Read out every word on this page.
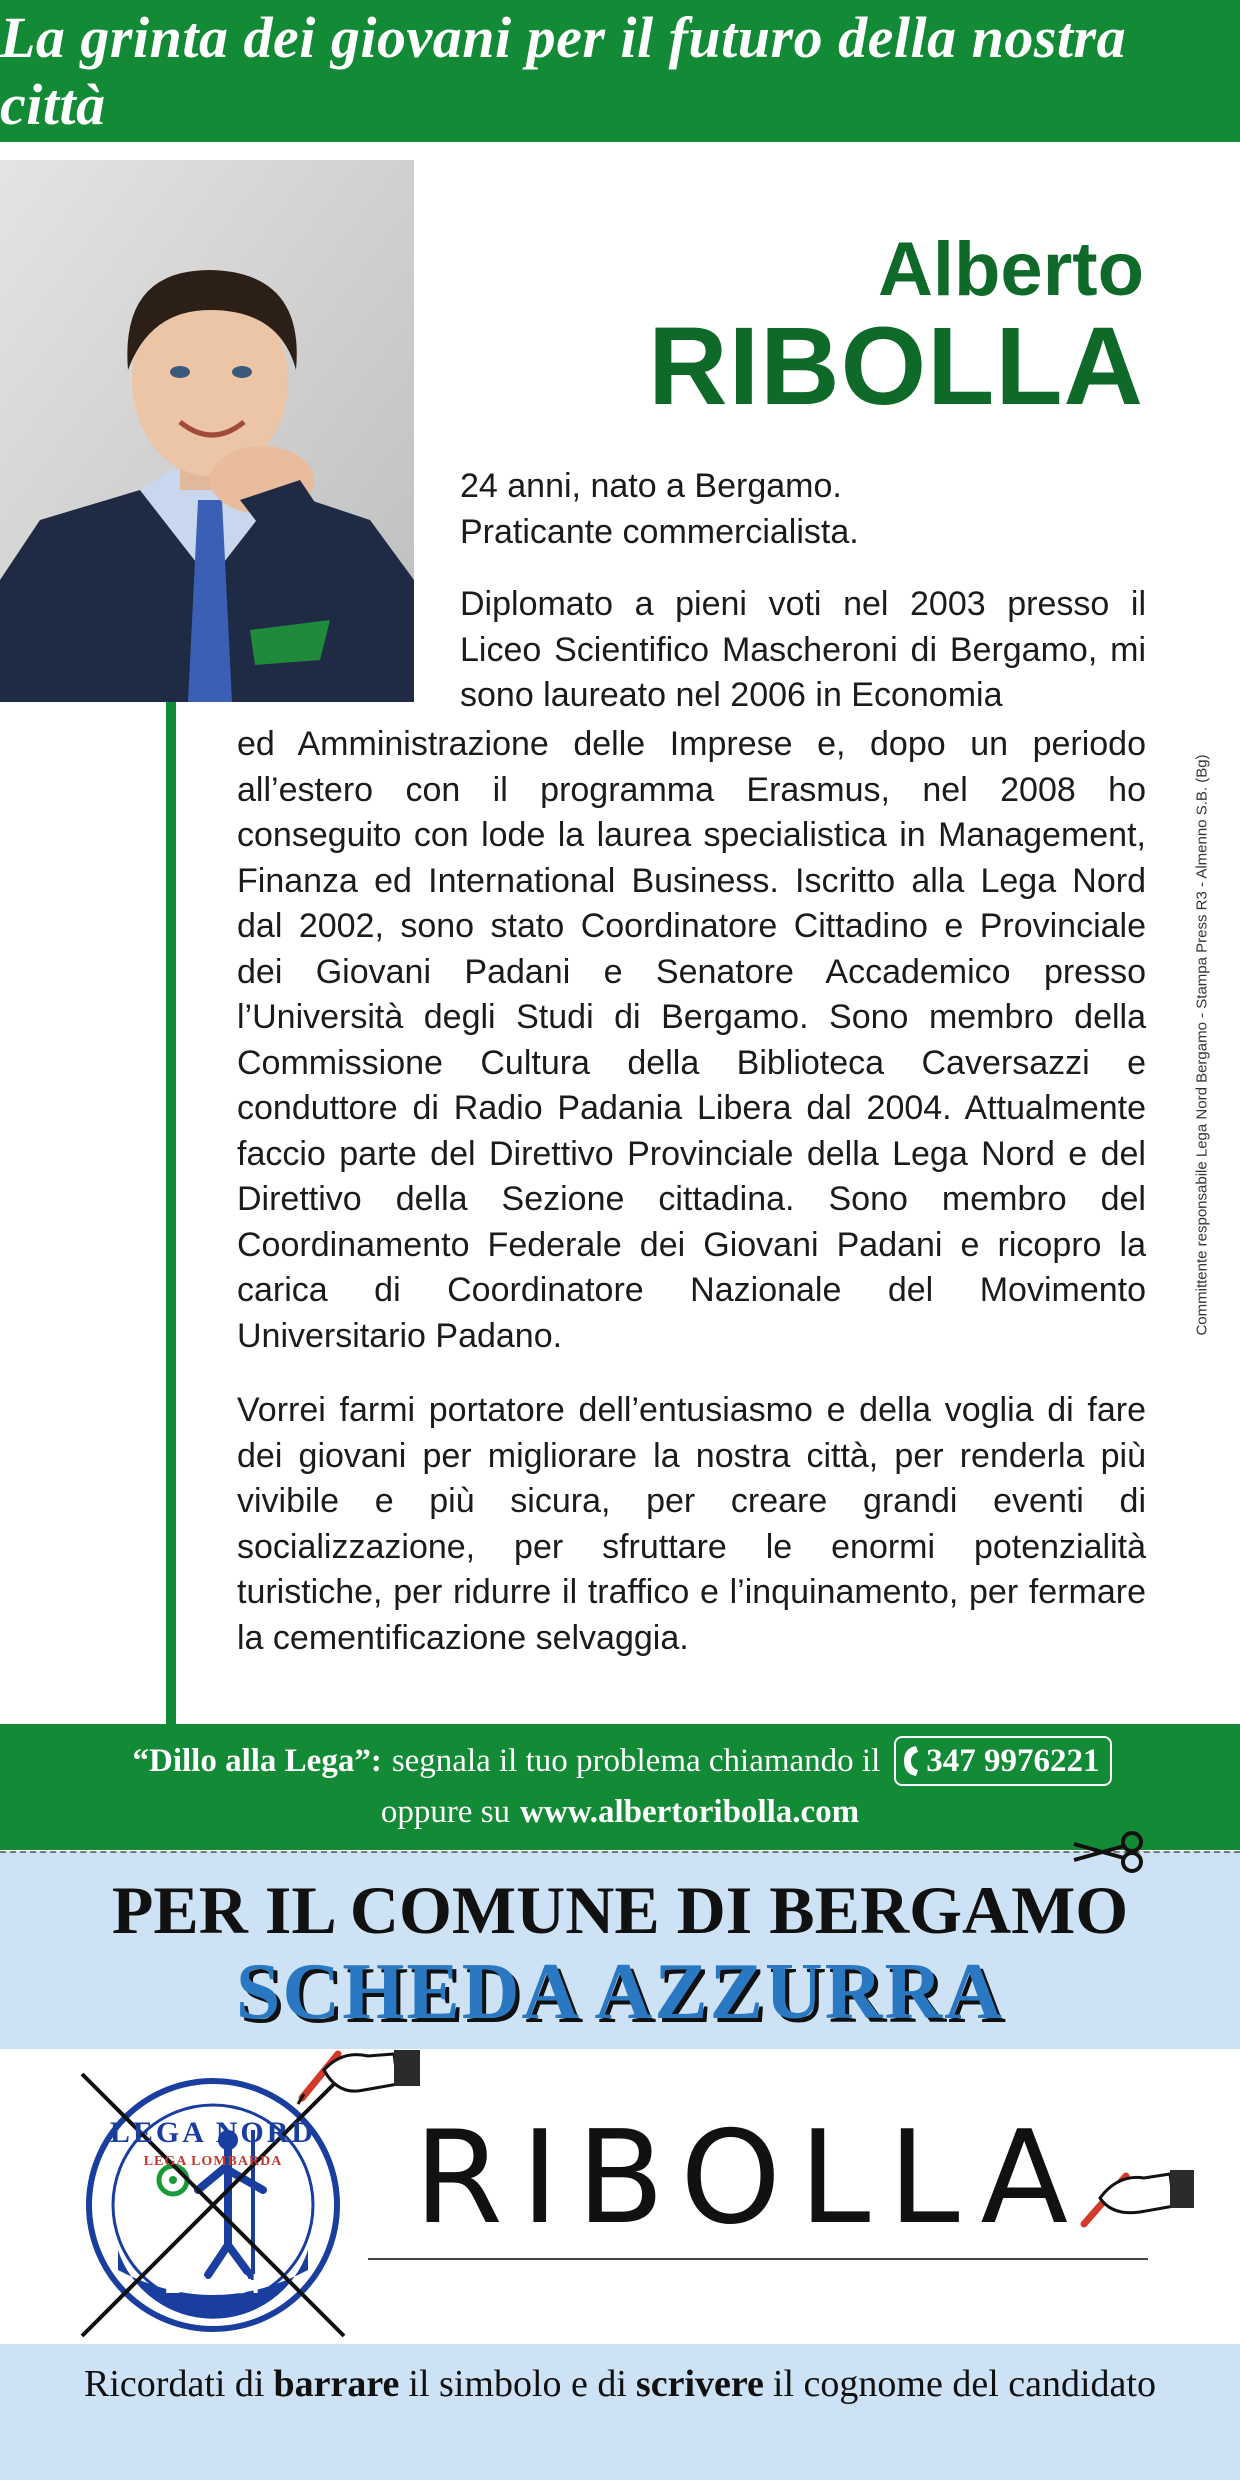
La grinta dei giovani per il futuro della nostra città
Alberto
RIBOLLA
24 anni, nato a Bergamo.
Praticante commercialista.
Diplomato a pieni voti nel 2003 presso il Liceo Scientifico Mascheroni di Bergamo, mi sono laureato nel 2006 in Economia
ed Amministrazione delle Imprese e, dopo un periodo all’estero con il programma Erasmus, nel 2008 ho conseguito con lode la laurea specialistica in Management, Finanza ed International Business. Iscritto alla Lega Nord dal 2002, sono stato Coordinatore Cittadino e Provinciale dei Giovani Padani e Senatore Accademico presso l’Università degli Studi di Bergamo. Sono membro della Commissione Cultura della Biblioteca Caversazzi e conduttore di Radio Padania Libera dal 2004. Attualmente faccio parte del Direttivo Provinciale della Lega Nord e del Direttivo della Sezione cittadina. Sono membro del Coordinamento Federale dei Giovani Padani e ricopro la carica di Coordinatore Nazionale del Movimento Universitario Padano.
Vorrei farmi portatore dell’entusiasmo e della voglia di fare dei giovani per migliorare la nostra città, per renderla più vivibile e più sicura, per creare grandi eventi di socializzazione, per sfruttare le enormi potenzialità turistiche, per ridurre il traffico e l’inquinamento, per fermare la cementificazione selvaggia.
Committente responsabile Lega Nord Bergamo - Stampa Press R3 - Almenno S.B. (Bg)
“Dillo alla Lega”: segnala il tuo problema chiamando il	347 9976221
oppure su www.albertoribolla.com
PER IL COMUNE DI BERGAMO
SCHEDA AZZURRA
LEGA NORD
LEGA LOMBARDA
BOSSI
RIBOLLA
Ricordati di barrare il simbolo e di scrivere il cognome del candidato
